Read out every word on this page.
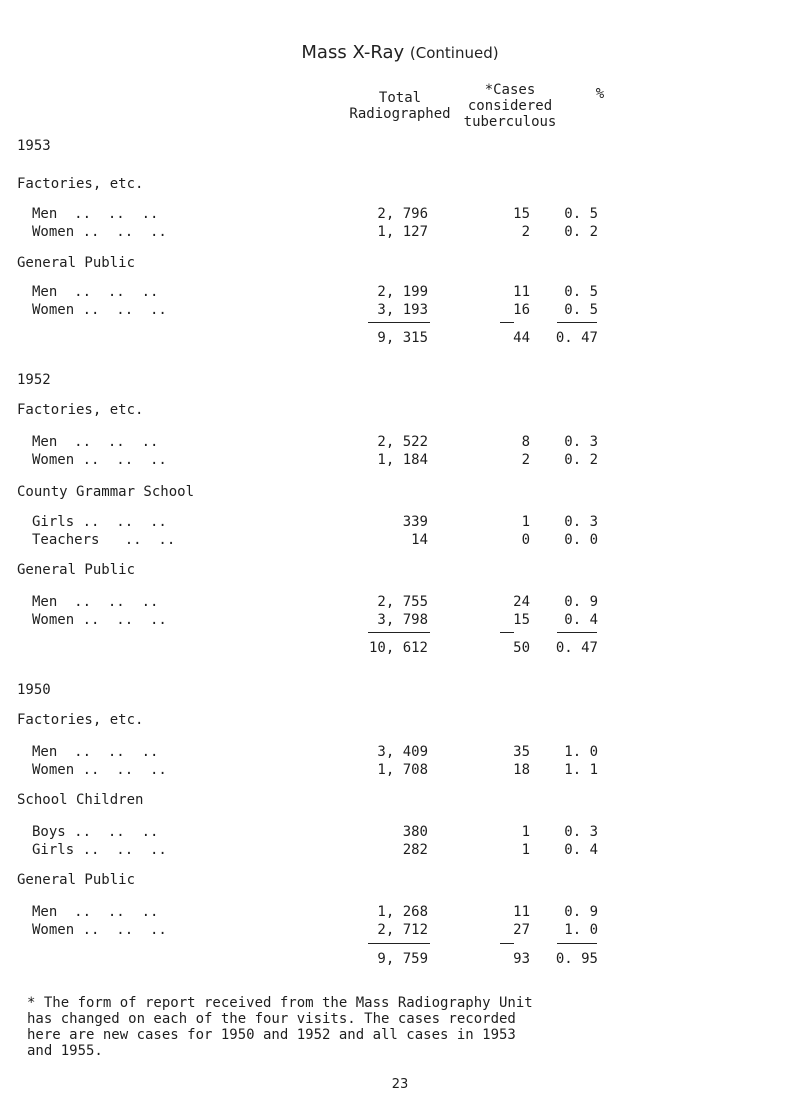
Mass X-Ray (Continued)
Total
Radiographed
*Cases
considered
tuberculous
%
1953
Factories, etc.
Men  ..  ..  ..	2, 796	15	0. 5
Women ..  ..  ..	1, 127	2	0. 2
General Public
Men  ..  ..  ..	2, 199	11	0. 5
Women ..  ..  ..	3, 193	16	0. 5
9, 315	44	0. 47
1952
Factories, etc.
Men  ..  ..  ..	2, 522	8	0. 3
Women ..  ..  ..	1, 184	2	0. 2
County Grammar School
Girls ..  ..  ..	339	1	0. 3
Teachers   ..  ..	14	0	0. 0
General Public
Men  ..  ..  ..	2, 755	24	0. 9
Women ..  ..  ..	3, 798	15	0. 4
10, 612	50	0. 47
1950
Factories, etc.
Men  ..  ..  ..	3, 409	35	1. 0
Women ..  ..  ..	1, 708	18	1. 1
School Children
Boys ..  ..  ..	380	1	0. 3
Girls ..  ..  ..	282	1	0. 4
General Public
Men  ..  ..  ..	1, 268	11	0. 9
Women ..  ..  ..	2, 712	27	1. 0
9, 759	93	0. 95

* The form of report received from the Mass Radiography Unit

has changed on each of the four visits. The cases recorded

here are new cases for 1950 and 1952 and all cases in 1953

and 1955.

23
